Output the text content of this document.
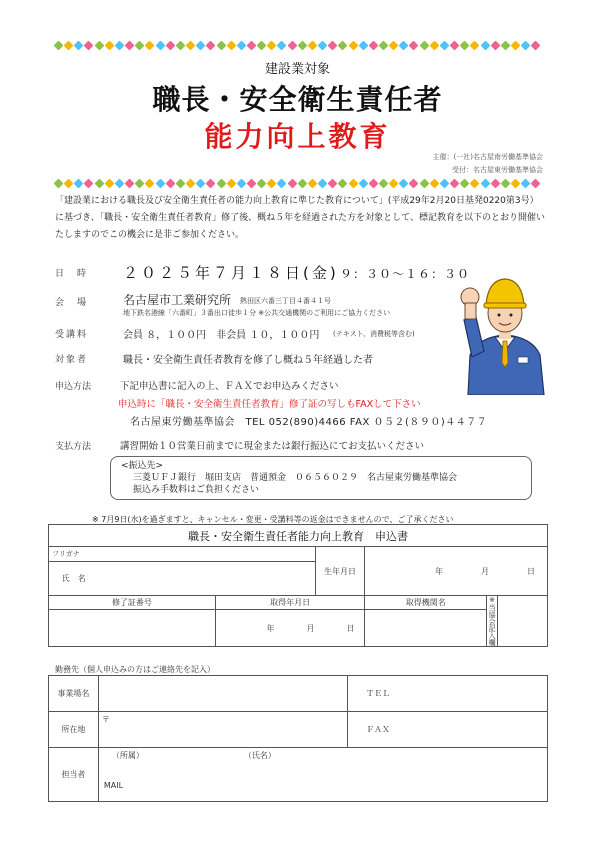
建設業対象
職長・安全衛生責任者
能力向上教育
主催：(一社)名古屋南労働基準協会
受付：名古屋東労働基準協会
「建設業における職長及び安全衛生責任者の能力向上教育に準じた教育について」(平成29年2月20日基発0220第3号）に基づき、「職長・安全衛生責任者教育」修了後、概ね５年を経過された方を対象として、標記教育を以下のとおり開催いたしますのでこの機会に是非ご参加ください。
日　時 ２０２５年７月１８日(金) ９：３０～１６：３０
会　場	名古屋市工業研究所 熱田区六番三丁目４番４１号
地下鉄名港線「六番町」３番出口徒歩１分 ※公共交通機関のご利用にご協力ください
受講料	会員 ８，１００円　非会員 １０，１００円 (テキスト、消費税等含む)
対象者	職長・安全衛生責任者教育を修了し概ね５年経過した者
申込方法	下記申込書に記入の上、ＦＡＸでお申込みください
申込時に「職長・安全衛生責任者教育」修了証の写しもFAXして下さい
名古屋東労働基準協会　TEL 052(890)4466 FAX ０５２(８９０)４４７７
支払方法	講習開始１０営業日前までに現金または銀行振込にてお支払いください
<振込先>
三菱ＵＦＪ銀行　堀田支店　普通預金　０６５６０２９　名古屋東労働基準協会
振込み手数料はご負担ください
※ 7月9日(水)を過ぎますと、キャンセル・変更・受講料等の返金はできませんので、ご了承ください
職長・安全衛生責任者能力向上教育　申込書						
フリガナ			生年月日	年 月 日		

氏　名						
修了証番号		取得年月日		取得機関名	※当協会記入欄	

		年 月 日				

勤務先（個人申込みの方はご連絡先を記入）
事業場名		ＴＥＬ	
所在地	〒	ＦＡＸ	
担当者	（所属） （氏名）
MAIL		
